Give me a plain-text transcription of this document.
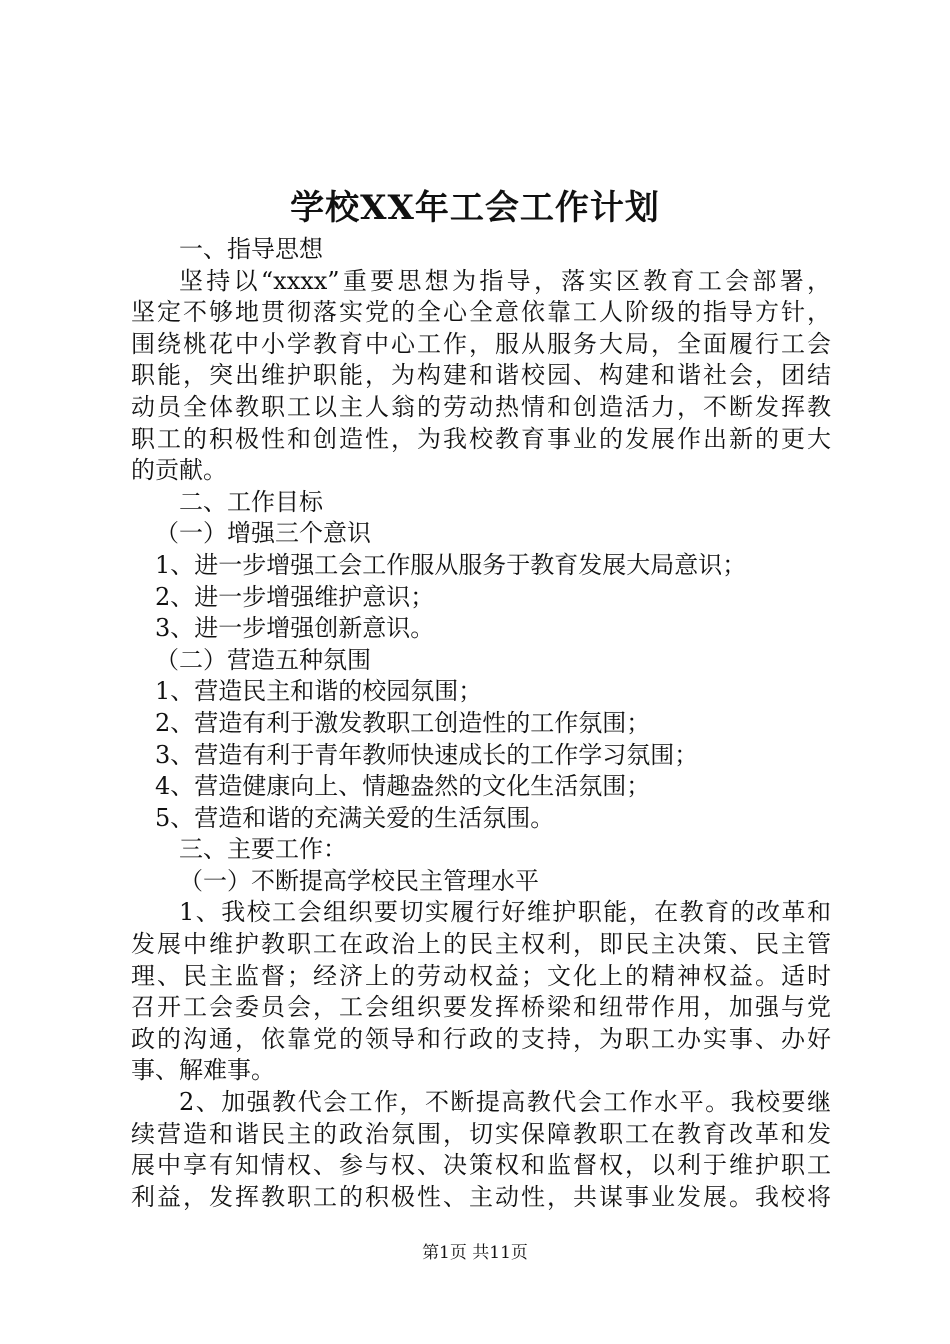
学校XX年工会工作计划
一、指导思想
坚持以“xxxx”重要思想为指导，落实区教育工会部署，
坚定不够地贯彻落实党的全心全意依靠工人阶级的指导方针，
围绕桃花中小学教育中心工作，服从服务大局，全面履行工会
职能，突出维护职能，为构建和谐校园、构建和谐社会，团结
动员全体教职工以主人翁的劳动热情和创造活力，不断发挥教
职工的积极性和创造性，为我校教育事业的发展作出新的更大
的贡献。
二、工作目标
（一）增强三个意识
1、进一步增强工会工作服从服务于教育发展大局意识；
2、进一步增强维护意识；
3、进一步增强创新意识。
（二）营造五种氛围
1、营造民主和谐的校园氛围；
2、营造有利于激发教职工创造性的工作氛围；
3、营造有利于青年教师快速成长的工作学习氛围；
4、营造健康向上、情趣盎然的文化生活氛围；
5、营造和谐的充满关爱的生活氛围。
三、主要工作：
（一）不断提高学校民主管理水平
1、我校工会组织要切实履行好维护职能，在教育的改革和
发展中维护教职工在政治上的民主权利，即民主决策、民主管
理、民主监督；经济上的劳动权益；文化上的精神权益。适时
召开工会委员会，工会组织要发挥桥梁和纽带作用，加强与党
政的沟通，依靠党的领导和行政的支持，为职工办实事、办好
事、解难事。
2、加强教代会工作，不断提高教代会工作水平。我校要继
续营造和谐民主的政治氛围，切实保障教职工在教育改革和发
展中享有知情权、参与权、决策权和监督权，以利于维护职工
利益，发挥教职工的积极性、主动性，共谋事业发展。我校将
第1页 共11页
